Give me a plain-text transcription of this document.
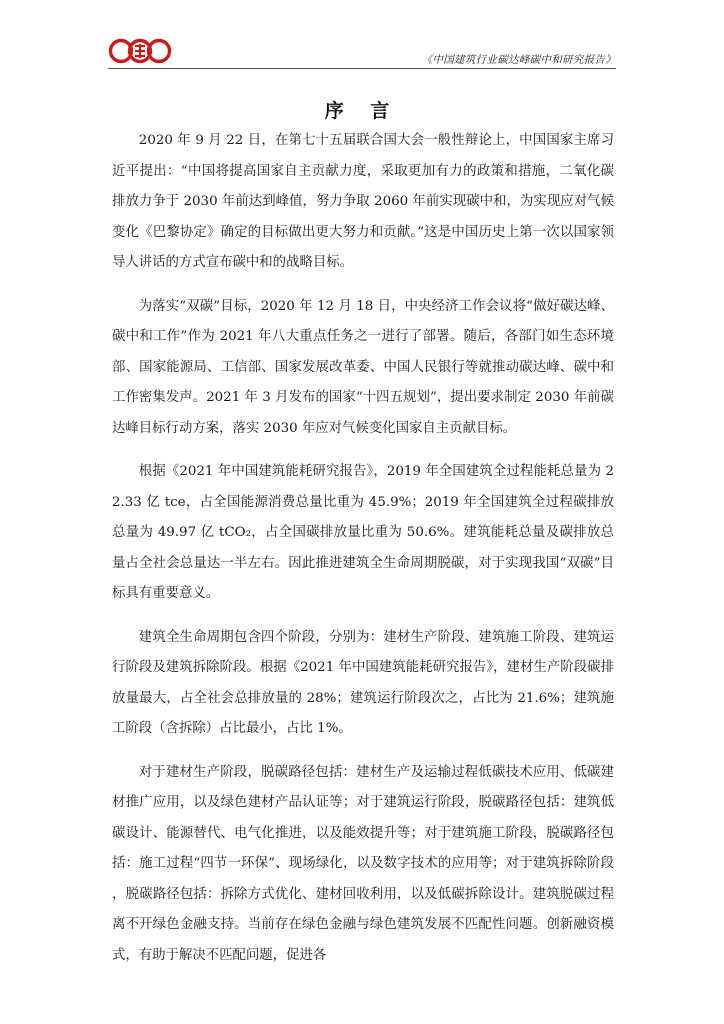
《中国建筑行业碳达峰碳中和研究报告》
序 言

2020 年 9 月 22 日，在第七十五届联合国大会一般性辩论上，中国国家主席习近平提出：“中国将提高国家自主贡献力度，采取更加有力的政策和措施，二氧化碳排放力争于 2030 年前达到峰值，努力争取 2060 年前实现碳中和，为实现应对气候变化《巴黎协定》确定的目标做出更大努力和贡献。”这是中国历史上第一次以国家领导人讲话的方式宣布碳中和的战略目标。

为落实“双碳”目标，2020 年 12 月 18 日，中央经济工作会议将“做好碳达峰、碳中和工作”作为 2021 年八大重点任务之一进行了部署。随后，各部门如生态环境部、国家能源局、工信部、国家发展改革委、中国人民银行等就推动碳达峰、碳中和工作密集发声。2021 年 3 月发布的国家“十四五规划”，提出要求制定 2030 年前碳达峰目标行动方案，落实 2030 年应对气候变化国家自主贡献目标。

根据《2021 年中国建筑能耗研究报告》，2019 年全国建筑全过程能耗总量为 22.33 亿 tce，占全国能源消费总量比重为 45.9%；2019 年全国建筑全过程碳排放总量为 49.97 亿 tCO₂，占全国碳排放量比重为 50.6%。建筑能耗总量及碳排放总量占全社会总量达一半左右。因此推进建筑全生命周期脱碳，对于实现我国“双碳”目标具有重要意义。

建筑全生命周期包含四个阶段，分别为：建材生产阶段、建筑施工阶段、建筑运行阶段及建筑拆除阶段。根据《2021 年中国建筑能耗研究报告》，建材生产阶段碳排放量最大，占全社会总排放量的 28%；建筑运行阶段次之，占比为 21.6%；建筑施工阶段（含拆除）占比最小，占比 1%。

对于建材生产阶段，脱碳路径包括：建材生产及运输过程低碳技术应用、低碳建材推广应用，以及绿色建材产品认证等；对于建筑运行阶段，脱碳路径包括：建筑低碳设计、能源替代、电气化推进，以及能效提升等；对于建筑施工阶段，脱碳路径包括：施工过程“四节一环保”、现场绿化，以及数字技术的应用等；对于建筑拆除阶段，脱碳路径包括：拆除方式优化、建材回收利用，以及低碳拆除设计。建筑脱碳过程离不开绿色金融支持。当前存在绿色金融与绿色建筑发展不匹配性问题。创新融资模式，有助于解决不匹配问题，促进各
